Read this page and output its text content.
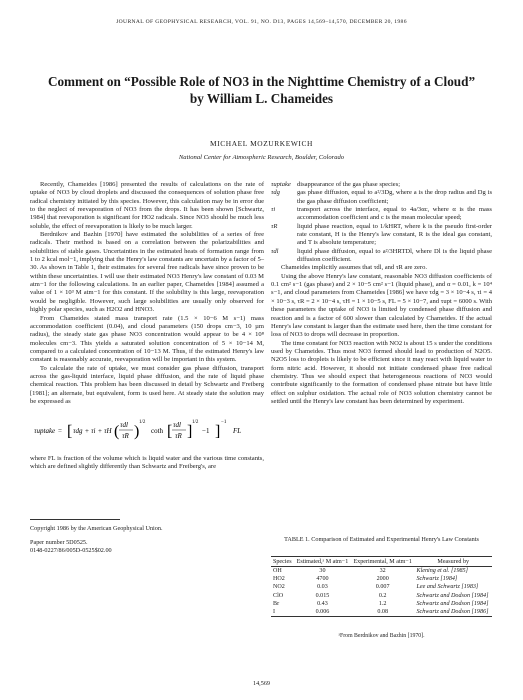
JOURNAL OF GEOPHYSICAL RESEARCH, VOL. 91, NO. D13, PAGES 14,569–14,570, DECEMBER 20, 1986
Comment on “Possible Role of NO3 in the Nighttime Chemistry of a Cloud”
by William L. Chameides
MICHAEL MOZURKEWICH
National Center for Atmospheric Research, Boulder, Colorado

Recently, Chameides [1986] presented the results of calculations on the rate of uptake of NO3 by cloud droplets and discussed the consequences of solution phase free radical chemistry initiated by this species. However, this calculation may be in error due to the neglect of reevaporation of NO3 from the drops. It has been shown [Schwartz, 1984] that reevaporation is significant for HO2 radicals. Since NO3 should be much less soluble, the effect of reevaporation is likely to be much larger.

Berdnikov and Bazhin [1970] have estimated the solubilities of a series of free radicals. Their method is based on a correlation between the polarizabilities and solubilities of stable gases. Uncertainties in the estimated heats of formation range from 1 to 2 kcal mol−1, implying that the Henry's law constants are uncertain by a factor of 5–30. As shown in Table 1, their estimates for several free radicals have since proven to be within these uncertainties. I will use their estimated NO3 Henry's law constant of 0.03 M atm−1 for the following calculations. In an earlier paper, Chameides [1984] assumed a value of 1 × 10³ M atm−1 for this constant. If the solubility is this large, reevaporation would be negligible. However, such large solubilities are usually only observed for highly polar species, such as H2O2 and HNO3.

From Chameides stated mass transport rate (1.5 × 10−6 M s−1) mass accommodation coefficient (0.04), and cloud parameters (150 drops cm−3, 10 µm radius), the steady state gas phase NO3 concentration would appear to be 4 × 10⁸ molecules cm−3. This yields a saturated solution concentration of 5 × 10−14 M, compared to a calculated concentration of 10−13 M. Thus, if the estimated Henry's law constant is reasonably accurate, reevaporation will be important in this system.

To calculate the rate of uptake, we must consider gas phase diffusion, transport across the gas-liquid interface, liquid phase diffusion, and the rate of liquid phase chemical reaction. This problem has been discussed in detail by Schwartz and Freiberg [1981]; an alternate, but equivalent, form is used here. At steady state the solution may be expressed as

τuptake = [ τdg + τi + τH ( τdl
τR )
1/2
coth [ τdl
τR ]
1/2
−1 ]
−1
FL

where FL is fraction of the volume which is liquid water and the various time constants, which are defined slightly differently than Schwartz and Freiberg's, are

Copyright 1986 by the American Geophysical Union.
Paper number 5D0525.
0148-0227/86/005D-0525$02.00
τuptake disappearance of the gas phase species;
τdg	gas phase diffusion, equal to a²/3Dg, where a is the drop radius and Dg is the gas phase diffusion coefficient;
τi	transport across the interface, equal to 4a/3αc, where α is the mass accommodation coefficient and c is the mean molecular speed;
τR	liquid phase reaction, equal to 1/kHRT, where k is the pseudo first-order rate constant, H is the Henry's law constant, R is the ideal gas constant, and T is absolute temperature;
τdl	liquid phase diffusion, equal to a²/3HRTDl, where Dl is the liquid phase diffusion coefficient.

Chameides implicitly assumes that τdl, and τR are zero.

Using the above Henry's law constant, reasonable NO3 diffusion coefficients of 0.1 cm² s−1 (gas phase) and 2 × 10−5 cm² s−1 (liquid phase), and α = 0.01, k = 10⁴ s−1, and cloud parameters from Chameides [1986] we have τdg = 3 × 10−4 s, τi = 4 × 10−3 s, τR = 2 × 10−4 s, τH = 1 × 10−5 s, FL = 5 × 10−7, and τupt = 6000 s. With these parameters the uptake of NO3 is limited by condensed phase diffusion and reaction and is a factor of 600 slower than calculated by Chameides. If the actual Henry's law constant is larger than the estimate used here, then the time constant for loss of NO3 to drops will decrease in proportion.

The time constant for NO3 reaction with NO2 is about 15 s under the conditions used by Chameides. Thus most NO3 formed should lead to production of N2O5. N2O5 loss to droplets is likely to be efficient since it may react with liquid water to form nitric acid. However, it should not initiate condensed phase free radical chemistry. Thus we should expect that heterogeneous reactions of NO3 would contribute significantly to the formation of condensed phase nitrate but have little effect on sulphur oxidation. The actual role of NO3 solution chemistry cannot be settled until the Henry's law constant has been determined by experiment.

TABLE 1. Comparison of Estimated and Experimental Henry's Law Constants
Species	Estimated,ᵃ M atm−1	Experimental, M atm−1	Measured by

OH	30	32	Klening et al. [1985]
HO2	4700	2000	Schwartz [1984]
NO2	0.03	0.007	Lee and Schwartz [1983]
ClO	0.015	0.2	Schwartz and Dodson [1984]
Br	0.43	1.2	Schwartz and Dodson [1984]
I	0.006	0.08	Schwartz and Dodson [1986]
ᵃFrom Berdnikov and Bazhin [1970].
14,569
